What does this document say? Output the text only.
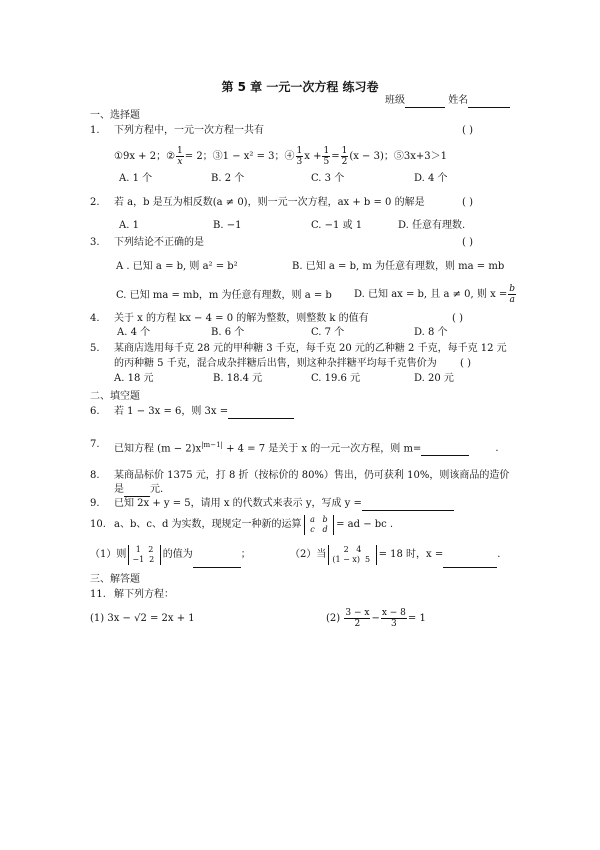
第 5 章 一元一次方程 练习卷
班级	姓名
一、选择题
1. 下列方程中，一元一次方程一共有	( )
①9x + 2；② $\frac{1}{x} = 2$；③1 − x² = 3；④ $\frac{1}{3}$ $x + \frac{1}{5} = \frac{1}{2} (x - 3)$；⑤3x+3＞1
A. 1 个	B. 2 个	C. 3 个	D. 4 个
2. 若 a，b 是互为相反数(a ≠ 0)，则一元一次方程，ax + b = 0 的解是	( )
A. 1	B. −1	C. −1 或 1	D. 任意有理数.
3. 下列结论不正确的是	( )
A . 已知 a = b, 则 a² = b²	B. 已知 a = b, m 为任意有理数，则 ma = mb
C. 已知 ma = mb，m 为任意有理数，则 a = b D. 已知 ax = b, 且 a ≠ 0, 则 $x = \frac{b}{a}$
4. 关于 x 的方程 kx − 4 = 0 的解为整数，则整数 k 的值有	( )
A. 4 个	B. 6 个	C. 7 个	D. 8 个
5. 某商店选用每千克 28 元的甲种糖 3 千克，每千克 20 元的乙种糖 2 千克，每千克 12 元
的丙种糖 5 千克，混合成杂拌糖后出售，则这种杂拌糖平均每千克售价为 ( )
A. 18 元	B. 18.4 元	C. 19.6 元	D. 20 元
二、填空题
6. 若 1 − 3x = 6，则 3x =
7. 已知方程 $(m - 2)x^{|m-1|} + 4 = 7$ 是关于 x 的一元一次方程，则 m=	.
8. 某商品标价 1375 元，打 8 折（按标价的 80%）售出，仍可获利 10%，则该商品的造价
是	元.
9. 已知 2x + y = 5，请用 x 的代数式来表示 y，写成 y =
10. a、b、c、d 为实数，现规定一种新的运算 a b
c d = ad − bc .
（1）则 1 2
−1 2 的值为	；	（2）当 2 4
(1 − x) 5 = 18 时，x =	.
三、解答题
11. 解下列方程：
(1) 3x − √2 = 2x + 1	$(2) \frac{3 - x}{2} - \frac{x - 8}{3} = 1$
